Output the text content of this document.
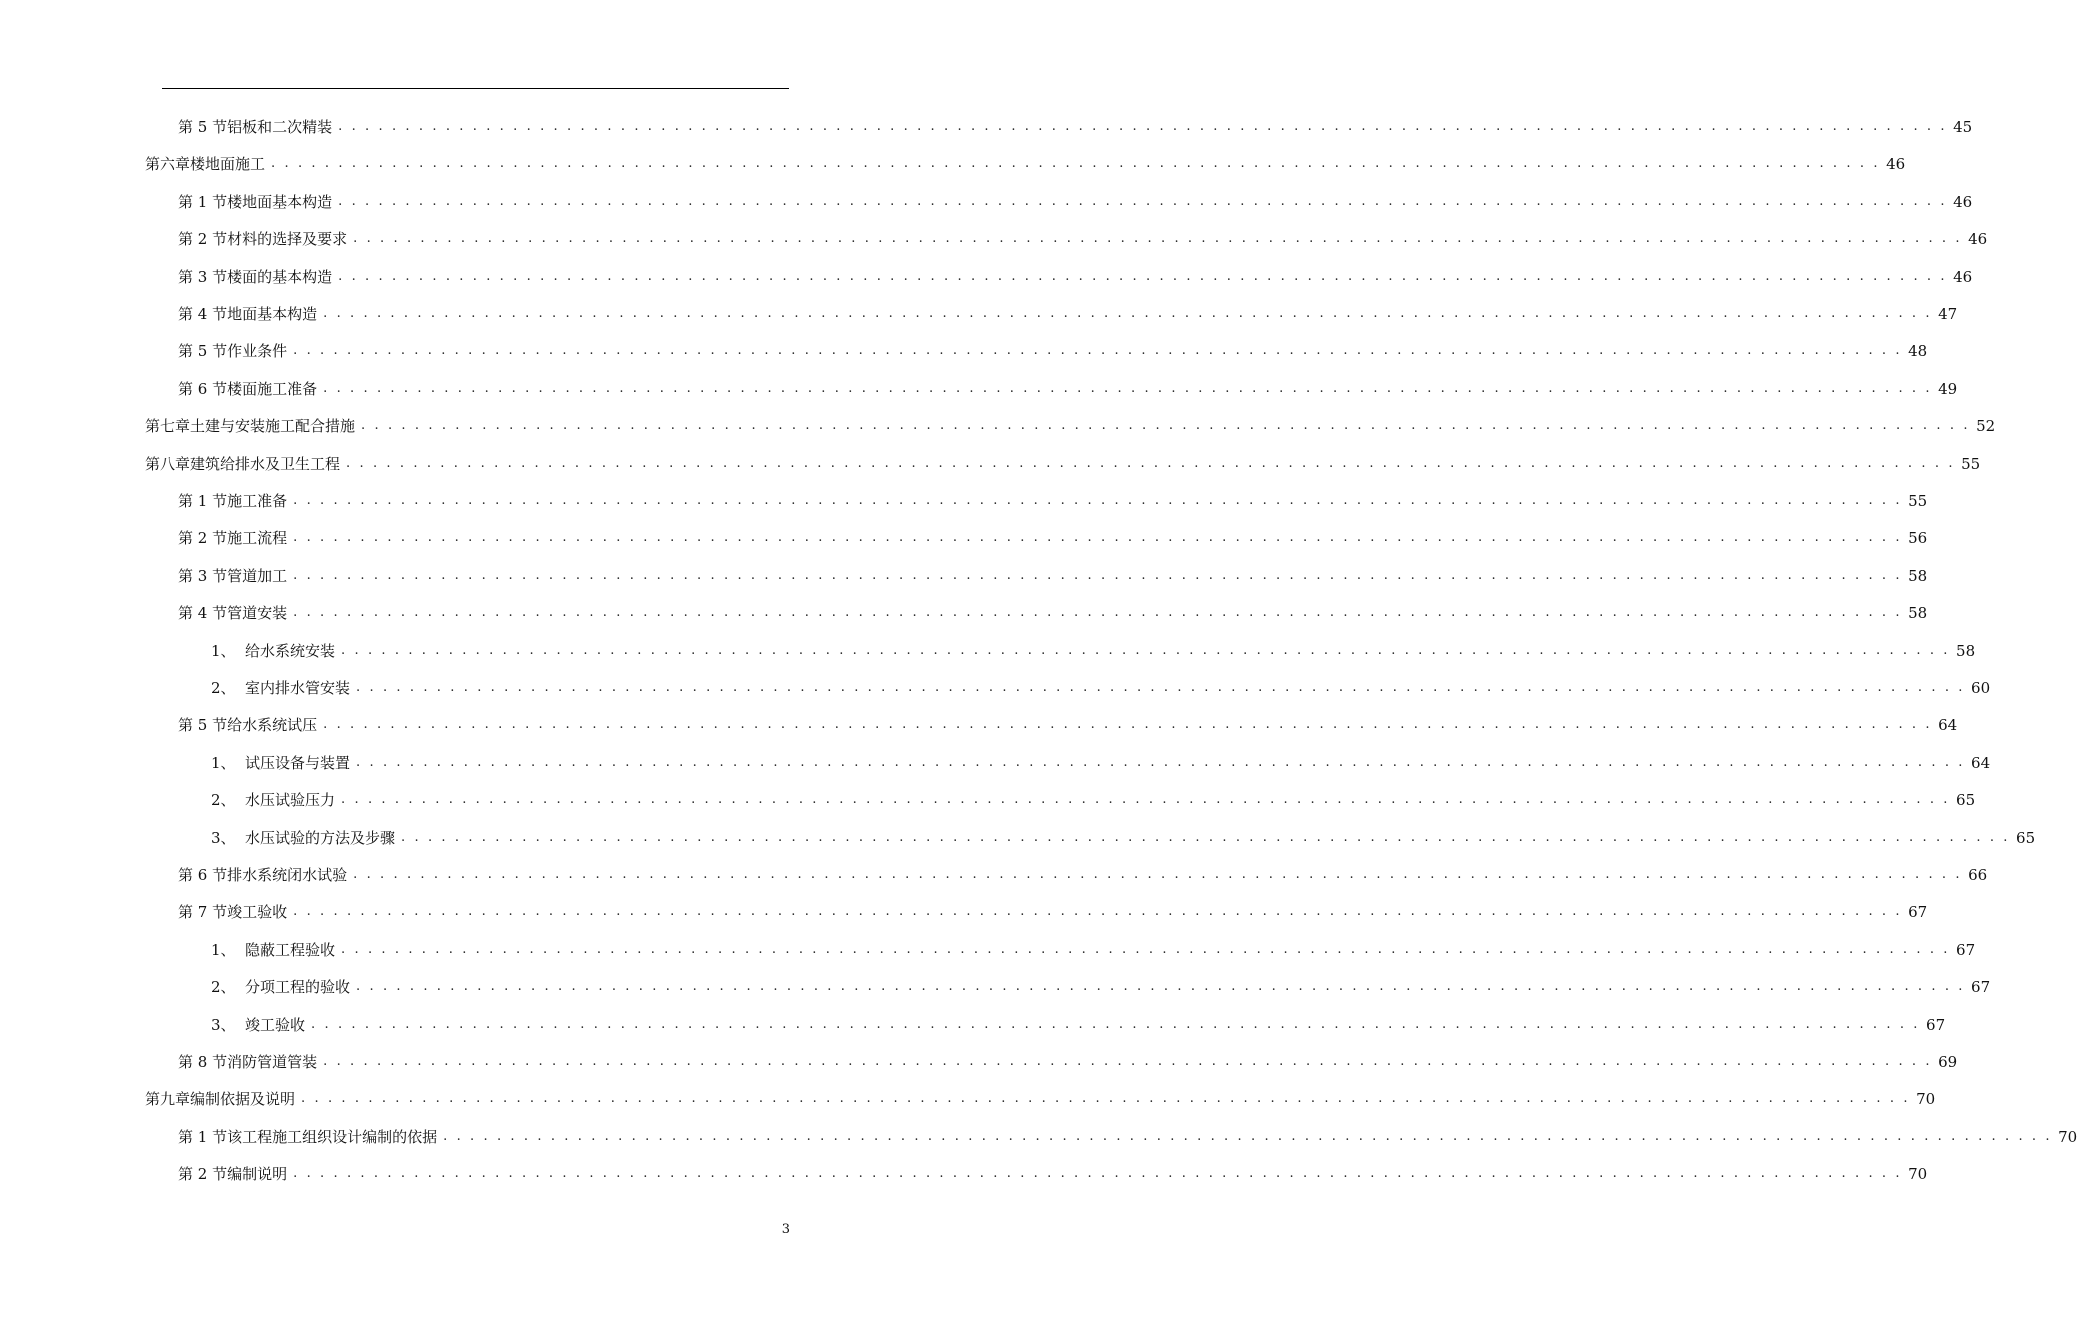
第 5 节 铝板和二次精装 . . . . . . . . . . . . . . . . . . . . . . . . . . . . . . . . . . . . . . . . . . . . . . . . . . . . . . . . . . . . . . . . . . . . . . . . . . . . . . . . . . . . . . . . . . . . . . . . . . . . . . . . . . . . . . . . . . . . . . . . 45
第六章 楼地面施工 . . . . . . . . . . . . . . . . . . . . . . . . . . . . . . . . . . . . . . . . . . . . . . . . . . . . . . . . . . . . . . . . . . . . . . . . . . . . . . . . . . . . . . . . . . . . . . . . . . . . . . . . . . . . . . . . . . . . . . . . 46
第 1 节 楼地面基本构造 . . . . . . . . . . . . . . . . . . . . . . . . . . . . . . . . . . . . . . . . . . . . . . . . . . . . . . . . . . . . . . . . . . . . . . . . . . . . . . . . . . . . . . . . . . . . . . . . . . . . . . . . . . . . . . . . . . . . . . . . 46
第 2 节 材料的选择及要求 . . . . . . . . . . . . . . . . . . . . . . . . . . . . . . . . . . . . . . . . . . . . . . . . . . . . . . . . . . . . . . . . . . . . . . . . . . . . . . . . . . . . . . . . . . . . . . . . . . . . . . . . . . . . . . . . . . . . . . . . 46
第 3 节 楼面的基本构造 . . . . . . . . . . . . . . . . . . . . . . . . . . . . . . . . . . . . . . . . . . . . . . . . . . . . . . . . . . . . . . . . . . . . . . . . . . . . . . . . . . . . . . . . . . . . . . . . . . . . . . . . . . . . . . . . . . . . . . . . 46
第 4 节 地面基本构造 . . . . . . . . . . . . . . . . . . . . . . . . . . . . . . . . . . . . . . . . . . . . . . . . . . . . . . . . . . . . . . . . . . . . . . . . . . . . . . . . . . . . . . . . . . . . . . . . . . . . . . . . . . . . . . . . . . . . . . . . 47
第 5 节 作业条件 . . . . . . . . . . . . . . . . . . . . . . . . . . . . . . . . . . . . . . . . . . . . . . . . . . . . . . . . . . . . . . . . . . . . . . . . . . . . . . . . . . . . . . . . . . . . . . . . . . . . . . . . . . . . . . . . . . . . . . . . 48
第 6 节 楼面施工准备 . . . . . . . . . . . . . . . . . . . . . . . . . . . . . . . . . . . . . . . . . . . . . . . . . . . . . . . . . . . . . . . . . . . . . . . . . . . . . . . . . . . . . . . . . . . . . . . . . . . . . . . . . . . . . . . . . . . . . . . . 49
第七章 土建与安装施工配合措施 . . . . . . . . . . . . . . . . . . . . . . . . . . . . . . . . . . . . . . . . . . . . . . . . . . . . . . . . . . . . . . . . . . . . . . . . . . . . . . . . . . . . . . . . . . . . . . . . . . . . . . . . . . . . . . . . . . . . . . . . 52
第八章 建筑给排水及卫生工程 . . . . . . . . . . . . . . . . . . . . . . . . . . . . . . . . . . . . . . . . . . . . . . . . . . . . . . . . . . . . . . . . . . . . . . . . . . . . . . . . . . . . . . . . . . . . . . . . . . . . . . . . . . . . . . . . . . . . . . . . 55
第 1 节 施工准备 . . . . . . . . . . . . . . . . . . . . . . . . . . . . . . . . . . . . . . . . . . . . . . . . . . . . . . . . . . . . . . . . . . . . . . . . . . . . . . . . . . . . . . . . . . . . . . . . . . . . . . . . . . . . . . . . . . . . . . . . 55
第 2 节 施工流程 . . . . . . . . . . . . . . . . . . . . . . . . . . . . . . . . . . . . . . . . . . . . . . . . . . . . . . . . . . . . . . . . . . . . . . . . . . . . . . . . . . . . . . . . . . . . . . . . . . . . . . . . . . . . . . . . . . . . . . . . 56
第 3 节 管道加工 . . . . . . . . . . . . . . . . . . . . . . . . . . . . . . . . . . . . . . . . . . . . . . . . . . . . . . . . . . . . . . . . . . . . . . . . . . . . . . . . . . . . . . . . . . . . . . . . . . . . . . . . . . . . . . . . . . . . . . . . 58
第 4 节 管道安装 . . . . . . . . . . . . . . . . . . . . . . . . . . . . . . . . . . . . . . . . . . . . . . . . . . . . . . . . . . . . . . . . . . . . . . . . . . . . . . . . . . . . . . . . . . . . . . . . . . . . . . . . . . . . . . . . . . . . . . . . 58
1、 给水系统安装 . . . . . . . . . . . . . . . . . . . . . . . . . . . . . . . . . . . . . . . . . . . . . . . . . . . . . . . . . . . . . . . . . . . . . . . . . . . . . . . . . . . . . . . . . . . . . . . . . . . . . . . . . . . . . . . . . . . . . . . . 58
2、 室内排水管安装 . . . . . . . . . . . . . . . . . . . . . . . . . . . . . . . . . . . . . . . . . . . . . . . . . . . . . . . . . . . . . . . . . . . . . . . . . . . . . . . . . . . . . . . . . . . . . . . . . . . . . . . . . . . . . . . . . . . . . . . . 60
第 5 节 给水系统试压 . . . . . . . . . . . . . . . . . . . . . . . . . . . . . . . . . . . . . . . . . . . . . . . . . . . . . . . . . . . . . . . . . . . . . . . . . . . . . . . . . . . . . . . . . . . . . . . . . . . . . . . . . . . . . . . . . . . . . . . . 64
1、 试压设备与装置 . . . . . . . . . . . . . . . . . . . . . . . . . . . . . . . . . . . . . . . . . . . . . . . . . . . . . . . . . . . . . . . . . . . . . . . . . . . . . . . . . . . . . . . . . . . . . . . . . . . . . . . . . . . . . . . . . . . . . . . . 64
2、 水压试验压力 . . . . . . . . . . . . . . . . . . . . . . . . . . . . . . . . . . . . . . . . . . . . . . . . . . . . . . . . . . . . . . . . . . . . . . . . . . . . . . . . . . . . . . . . . . . . . . . . . . . . . . . . . . . . . . . . . . . . . . . . 65
3、 水压试验的方法及步骤 . . . . . . . . . . . . . . . . . . . . . . . . . . . . . . . . . . . . . . . . . . . . . . . . . . . . . . . . . . . . . . . . . . . . . . . . . . . . . . . . . . . . . . . . . . . . . . . . . . . . . . . . . . . . . . . . . . . . . . . . 65
第 6 节 排水系统闭水试验 . . . . . . . . . . . . . . . . . . . . . . . . . . . . . . . . . . . . . . . . . . . . . . . . . . . . . . . . . . . . . . . . . . . . . . . . . . . . . . . . . . . . . . . . . . . . . . . . . . . . . . . . . . . . . . . . . . . . . . . . 66
第 7 节 竣工验收 . . . . . . . . . . . . . . . . . . . . . . . . . . . . . . . . . . . . . . . . . . . . . . . . . . . . . . . . . . . . . . . . . . . . . . . . . . . . . . . . . . . . . . . . . . . . . . . . . . . . . . . . . . . . . . . . . . . . . . . . 67
1、 隐蔽工程验收 . . . . . . . . . . . . . . . . . . . . . . . . . . . . . . . . . . . . . . . . . . . . . . . . . . . . . . . . . . . . . . . . . . . . . . . . . . . . . . . . . . . . . . . . . . . . . . . . . . . . . . . . . . . . . . . . . . . . . . . . 67
2、 分项工程的验收 . . . . . . . . . . . . . . . . . . . . . . . . . . . . . . . . . . . . . . . . . . . . . . . . . . . . . . . . . . . . . . . . . . . . . . . . . . . . . . . . . . . . . . . . . . . . . . . . . . . . . . . . . . . . . . . . . . . . . . . . 67
3、 竣工验收 . . . . . . . . . . . . . . . . . . . . . . . . . . . . . . . . . . . . . . . . . . . . . . . . . . . . . . . . . . . . . . . . . . . . . . . . . . . . . . . . . . . . . . . . . . . . . . . . . . . . . . . . . . . . . . . . . . . . . . . . 67
第 8 节 消防管道管装 . . . . . . . . . . . . . . . . . . . . . . . . . . . . . . . . . . . . . . . . . . . . . . . . . . . . . . . . . . . . . . . . . . . . . . . . . . . . . . . . . . . . . . . . . . . . . . . . . . . . . . . . . . . . . . . . . . . . . . . . 69
第九章 编制依据及说明 . . . . . . . . . . . . . . . . . . . . . . . . . . . . . . . . . . . . . . . . . . . . . . . . . . . . . . . . . . . . . . . . . . . . . . . . . . . . . . . . . . . . . . . . . . . . . . . . . . . . . . . . . . . . . . . . . . . . . . . . 70
第 1 节 该工程施工组织设计编制的依据 . . . . . . . . . . . . . . . . . . . . . . . . . . . . . . . . . . . . . . . . . . . . . . . . . . . . . . . . . . . . . . . . . . . . . . . . . . . . . . . . . . . . . . . . . . . . . . . . . . . . . . . . . . . . . . . . . . . . . . . . 70
第 2 节 编制说明 . . . . . . . . . . . . . . . . . . . . . . . . . . . . . . . . . . . . . . . . . . . . . . . . . . . . . . . . . . . . . . . . . . . . . . . . . . . . . . . . . . . . . . . . . . . . . . . . . . . . . . . . . . . . . . . . . . . . . . . . 70
3
